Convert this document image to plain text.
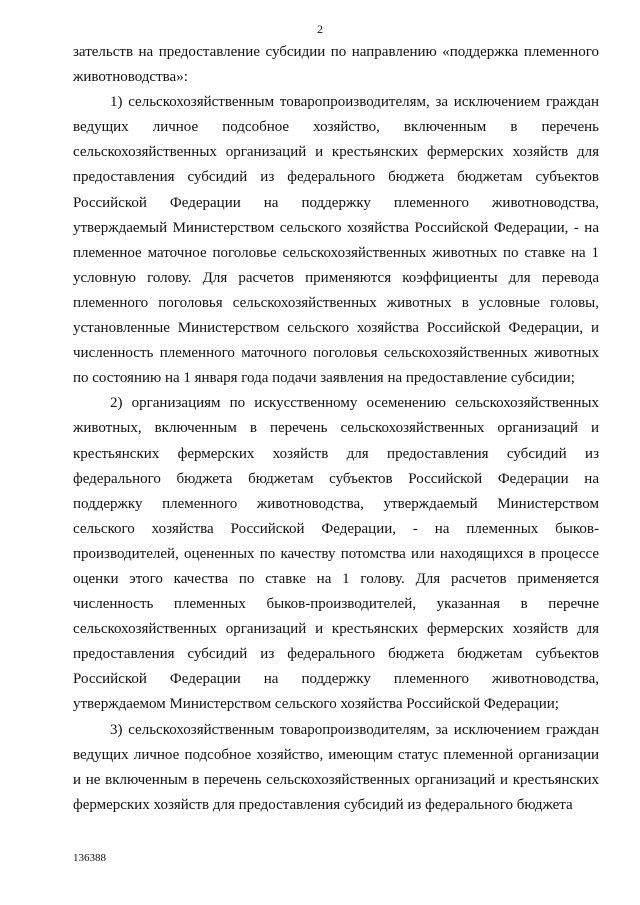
2

зательств на предоставление субсидии по направлению «поддержка племенного животноводства»:

1) сельскохозяйственным товаропроизводителям, за исключением граждан ведущих личное подсобное хозяйство, включенным в перечень сельскохозяйственных организаций и крестьянских фермерских хозяйств для предоставления субсидий из федерального бюджета бюджетам субъектов Российской Федерации на поддержку племенного животноводства, утверждаемый Министерством сельского хозяйства Российской Федерации, - на племенное маточное поголовье сельскохозяйственных животных по ставке на 1 условную голову. Для расчетов применяются коэффициенты для перевода племенного поголовья сельскохозяйственных животных в условные головы, установленные Министерством сельского хозяйства Российской Федерации, и численность племенного маточного поголовья сельскохозяйственных животных по состоянию на 1 января года подачи заявления на предоставление субсидии;

2) организациям по искусственному осеменению сельскохозяйственных животных, включенным в перечень сельскохозяйственных организаций и крестьянских фермерских хозяйств для предоставления субсидий из федерального бюджета бюджетам субъектов Российской Федерации на поддержку племенного животноводства, утверждаемый Министерством сельского хозяйства Российской Федерации, - на племенных быков-производителей, оцененных по качеству потомства или находящихся в процессе оценки этого качества по ставке на 1 голову. Для расчетов применяется численность племенных быков-производителей, указанная в перечне сельскохозяйственных организаций и крестьянских фермерских хозяйств для предоставления субсидий из федерального бюджета бюджетам субъектов Российской Федерации на поддержку племенного животноводства, утверждаемом Министерством сельского хозяйства Российской Федерации;

3) сельскохозяйственным товаропроизводителям, за исключением граждан ведущих личное подсобное хозяйство, имеющим статус племенной организации и не включенным в перечень сельскохозяйственных организаций и крестьянских фермерских хозяйств для предоставления субсидий из федерального бюджета

136388
